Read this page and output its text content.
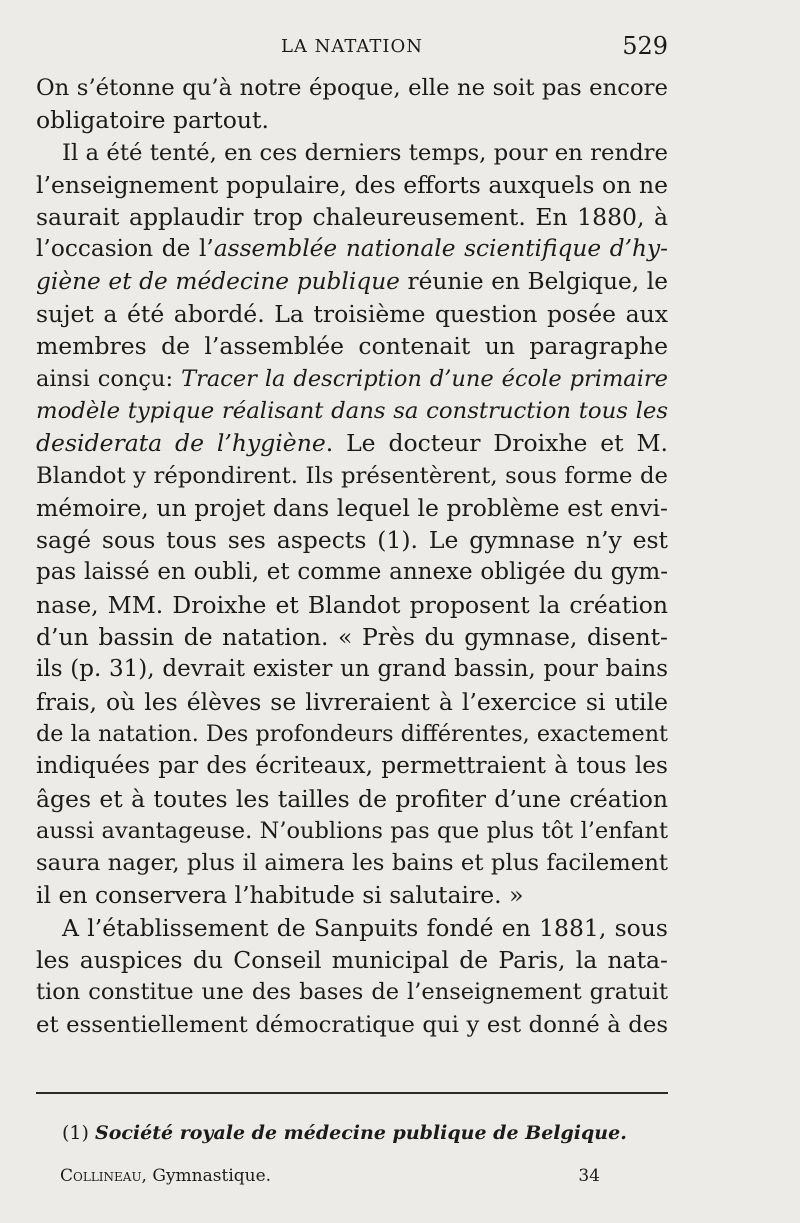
LA NATATION	529
On s’étonne qu’à notre époque, elle ne soit pas encore
obligatoire partout.
Il a été tenté, en ces derniers temps, pour en rendre
l’enseignement populaire, des efforts auxquels on ne
saurait applaudir trop chaleureusement. En 1880, à
l’occasion de l’assemblée nationale scientifique d’hy-
giène et de médecine publique réunie en Belgique, le
sujet a été abordé. La troisième question posée aux
membres de l’assemblée contenait un paragraphe
ainsi conçu: Tracer la description d’une école primaire
modèle typique réalisant dans sa construction tous les
desiderata de l’hygiène. Le docteur Droixhe et M.
Blandot y répondirent. Ils présentèrent, sous forme de
mémoire, un projet dans lequel le problème est envi-
sagé sous tous ses aspects (1). Le gymnase n’y est
pas laissé en oubli, et comme annexe obligée du gym-
nase, MM. Droixhe et Blandot proposent la création
d’un bassin de natation. « Près du gymnase, disent-
ils (p. 31), devrait exister un grand bassin, pour bains
frais, où les élèves se livreraient à l’exercice si utile
de la natation. Des profondeurs différentes, exactement
indiquées par des écriteaux, permettraient à tous les
âges et à toutes les tailles de profiter d’une création
aussi avantageuse. N’oublions pas que plus tôt l’enfant
saura nager, plus il aimera les bains et plus facilement
il en conservera l’habitude si salutaire. »
A l’établissement de Sanpuits fondé en 1881, sous
les auspices du Conseil municipal de Paris, la nata-
tion constitue une des bases de l’enseignement gratuit
et essentiellement démocratique qui y est donné à des
(1) Société royale de médecine publique de Belgique.
Collineau, Gymnastique.	34
